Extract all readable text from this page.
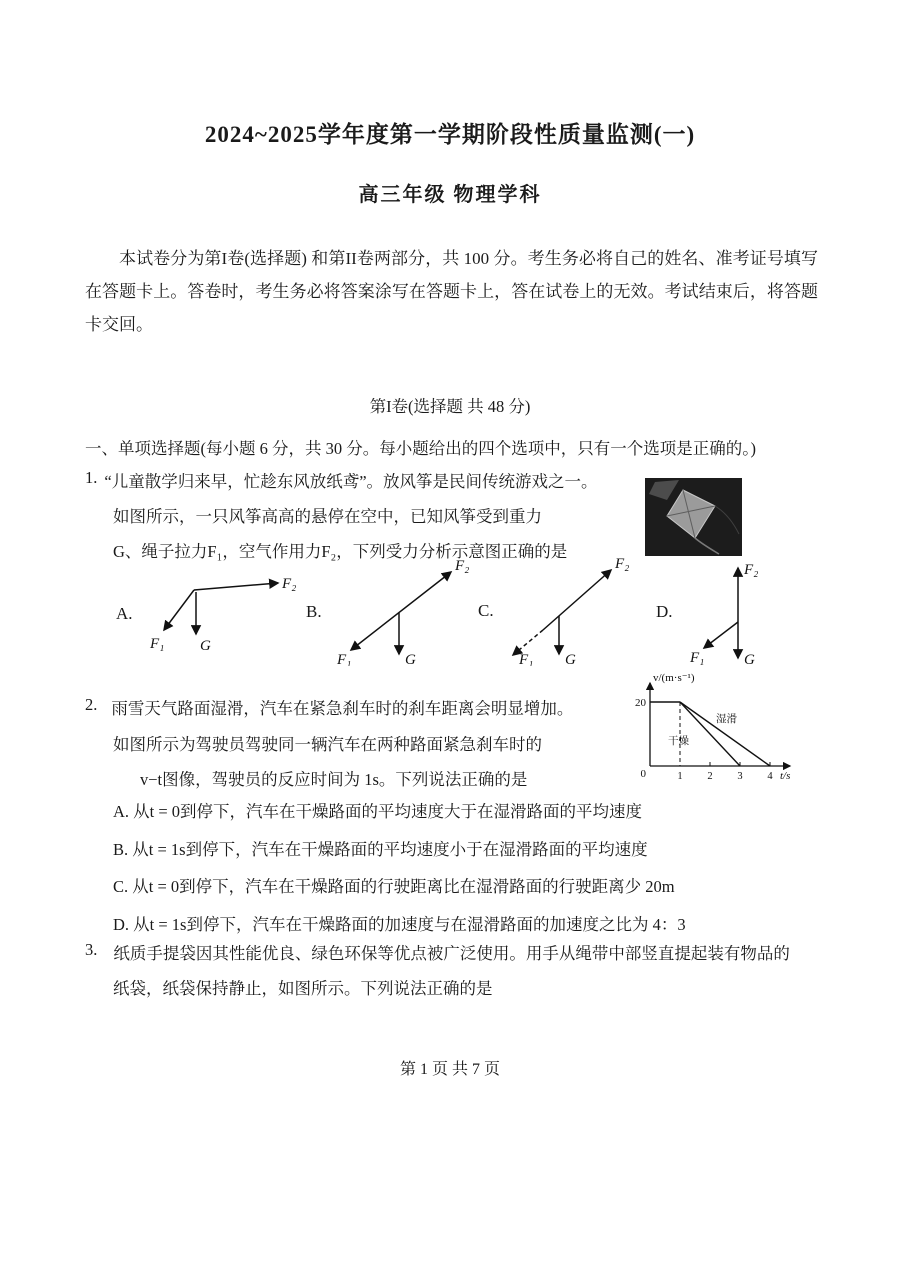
2024~2025学年度第一学期阶段性质量监测(一)
高三年级 物理学科

本试卷分为第I卷(选择题) 和第II卷两部分，共 100 分。考生务必将自己的姓名、准考证号填写在答题卡上。答卷时，考生务必将答案涂写在答题卡上，答在试卷上的无效。考试结束后，将答题卡交回。

第I卷(选择题 共 48 分)
一、单项选择题(每小题 6 分，共 30 分。每小题给出的四个选项中，只有一个选项是正确的。)
1. “儿童散学归来早，忙趁东风放纸鸢”。放风筝是民间传统游戏之一。
如图所示，一只风筝高高的悬停在空中，已知风筝受到重力
G、绳子拉力F₁，空气作用力F₂，下列受力分析示意图正确的是
A.
F₂
F₁ G
B.
F₂
F₁	G
C.
F₂
F₁ G
D.
F₂
F₁	G
2. 雨雪天气路面湿滑，汽车在紧急刹车时的刹车距离会明显增加。
如图所示为驾驶员驾驶同一辆汽车在两种路面紧急刹车时的
v−t图像，驾驶员的反应时间为 1s。下列说法正确的是
v/(m·s⁻¹)
20
0
干燥
湿滑
1 2 3 4 t/s
A. 从t = 0到停下，汽车在干燥路面的平均速度大于在湿滑路面的平均速度
B. 从t = 1s到停下，汽车在干燥路面的平均速度小于在湿滑路面的平均速度
C. 从t = 0到停下，汽车在干燥路面的行驶距离比在湿滑路面的行驶距离少 20m
D. 从t = 1s到停下，汽车在干燥路面的加速度与在湿滑路面的加速度之比为 4：3
3. 纸质手提袋因其性能优良、绿色环保等优点被广泛使用。用手从绳带中部竖直提起装有物品的
纸袋，纸袋保持静止，如图所示。下列说法正确的是
第 1 页 共 7 页
